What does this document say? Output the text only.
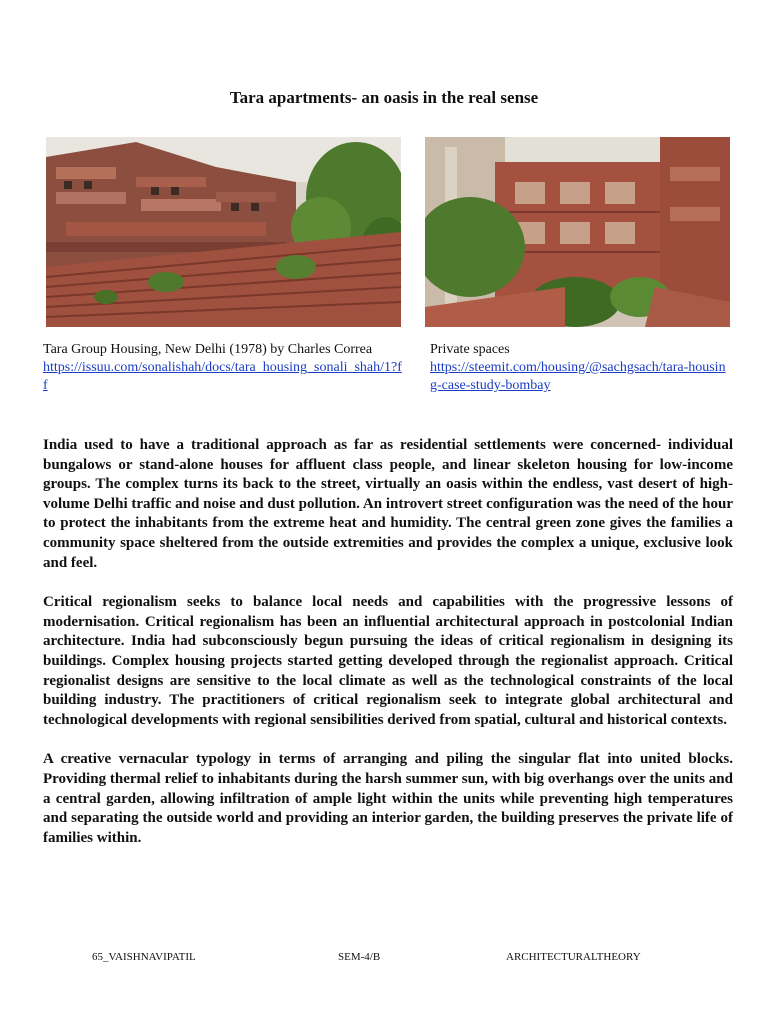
Tara apartments- an oasis in the real sense
Tara Group Housing, New Delhi (1978) by Charles Correa
https://issuu.com/sonalishah/docs/tara_housing_sonali_shah/1?ff
Private spaces
https://steemit.com/housing/@sachgsach/tara-housing-case-study-bombay

India used to have a traditional approach as far as residential settlements were concerned- individual bungalows or stand-alone houses for affluent class people, and linear skeleton housing for low-income groups. The complex turns its back to the street, virtually an oasis within the endless, vast desert of high-volume Delhi traffic and noise and dust pollution. An introvert street configuration was the need of the hour to protect the inhabitants from the extreme heat and humidity. The central green zone gives the families a community space sheltered from the outside extremities and provides the complex a unique, exclusive look and feel.

Critical regionalism seeks to balance local needs and capabilities with the progressive lessons of modernisation. Critical regionalism has been an influential architectural approach in postcolonial Indian architecture. India had subconsciously begun pursuing the ideas of critical regionalism in designing its buildings. Complex housing projects started getting developed through the regionalist approach. Critical regionalist designs are sensitive to the local climate as well as the technological constraints of the local building industry. The practitioners of critical regionalism seek to integrate global architectural and technological developments with regional sensibilities derived from spatial, cultural and historical contexts.

A creative vernacular typology in terms of arranging and piling the singular flat into united blocks. Providing thermal relief to inhabitants during the harsh summer sun, with big overhangs over the units and a central garden, allowing infiltration of ample light within the units while preventing high temperatures and separating the outside world and providing an interior garden, the building preserves the private life of families within.

65_VAISHNAVIPATIL	SEM-4/B	ARCHITECTURALTHEORY
